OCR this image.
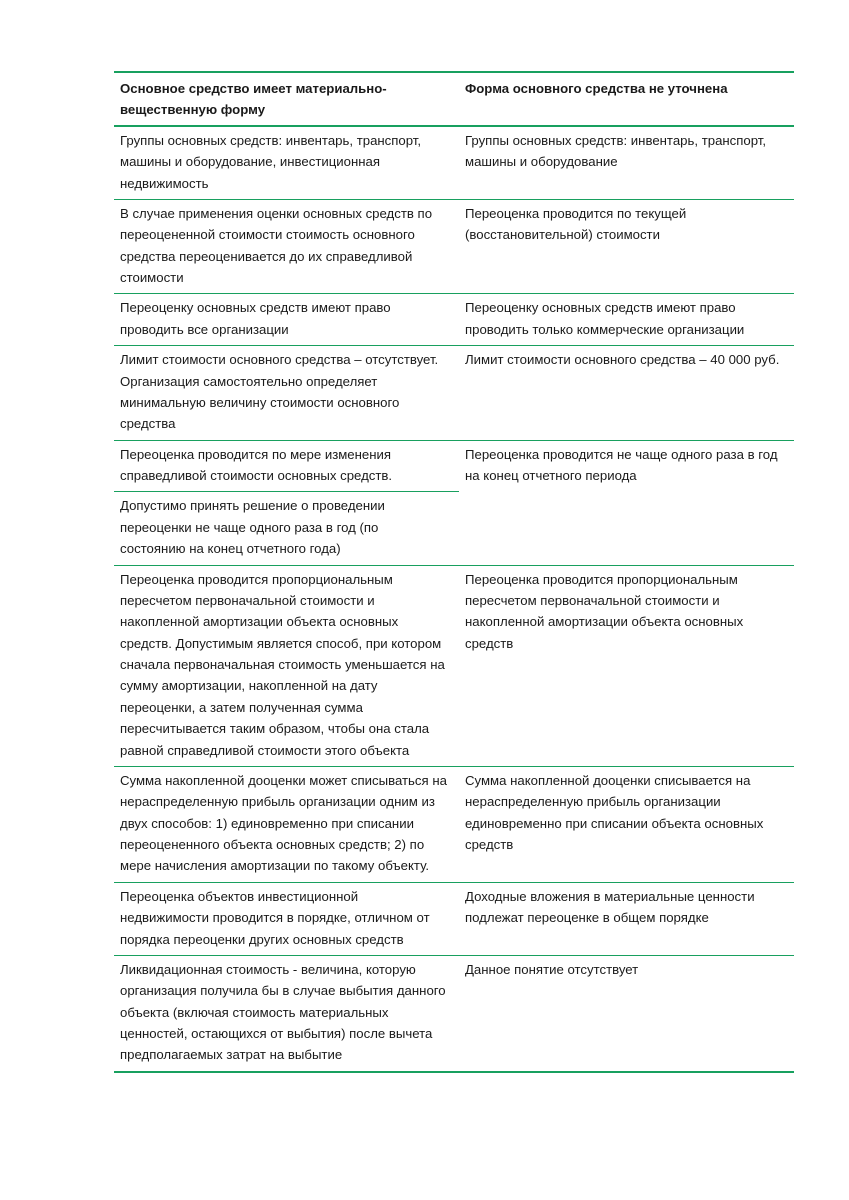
Основное средство имеет материально-вещественную форму	Форма основного средства не уточнена
Группы основных средств: инвентарь, транспорт, машины и оборудование, инвестиционная недвижимость	Группы основных средств: инвентарь, транспорт, машины и оборудование
В случае применения оценки основных средств по переоцененной стоимости стоимость основного средства переоценивается до их справедливой стоимости	Переоценка проводится по текущей (восстановительной) стоимости
Переоценку основных средств имеют право проводить все организации	Переоценку основных средств имеют право проводить только коммерческие организации
Лимит стоимости основного средства – отсутствует. Организация самостоятельно определяет минимальную величину стоимости основного средства	Лимит стоимости основного средства – 40 000 руб.
Переоценка проводится по мере изменения справедливой стоимости основных средств.	Переоценка проводится не чаще одного раза в год на конец отчетного периода
Допустимо принять решение о проведении переоценки не чаще одного раза в год (по состоянию на конец отчетного года)	
Переоценка проводится пропорциональным пересчетом первоначальной стоимости и накопленной амортизации объекта основных средств. Допустимым является способ, при котором сначала первоначальная стоимость уменьшается на сумму амортизации, накопленной на дату переоценки, а затем полученная сумма пересчитывается таким образом, чтобы она стала равной справедливой стоимости этого объекта	Переоценка проводится пропорциональным пересчетом первоначальной стоимости и накопленной амортизации объекта основных средств
Сумма накопленной дооценки может списываться на нераспределенную прибыль организации одним из двух способов: 1) единовременно при списании переоцененного объекта основных средств; 2) по мере начисления амортизации по такому объекту.	Сумма накопленной дооценки списывается на нераспределенную прибыль организации единовременно при списании объекта основных средств
Переоценка объектов инвестиционной недвижимости проводится в порядке, отличном от порядка переоценки других основных средств	Доходные вложения в материальные ценности подлежат переоценке в общем порядке
Ликвидационная стоимость - величина, которую организация получила бы в случае выбытия данного объекта (включая стоимость материальных ценностей, остающихся от выбытия) после вычета предполагаемых затрат на выбытие	Данное понятие отсутствует
